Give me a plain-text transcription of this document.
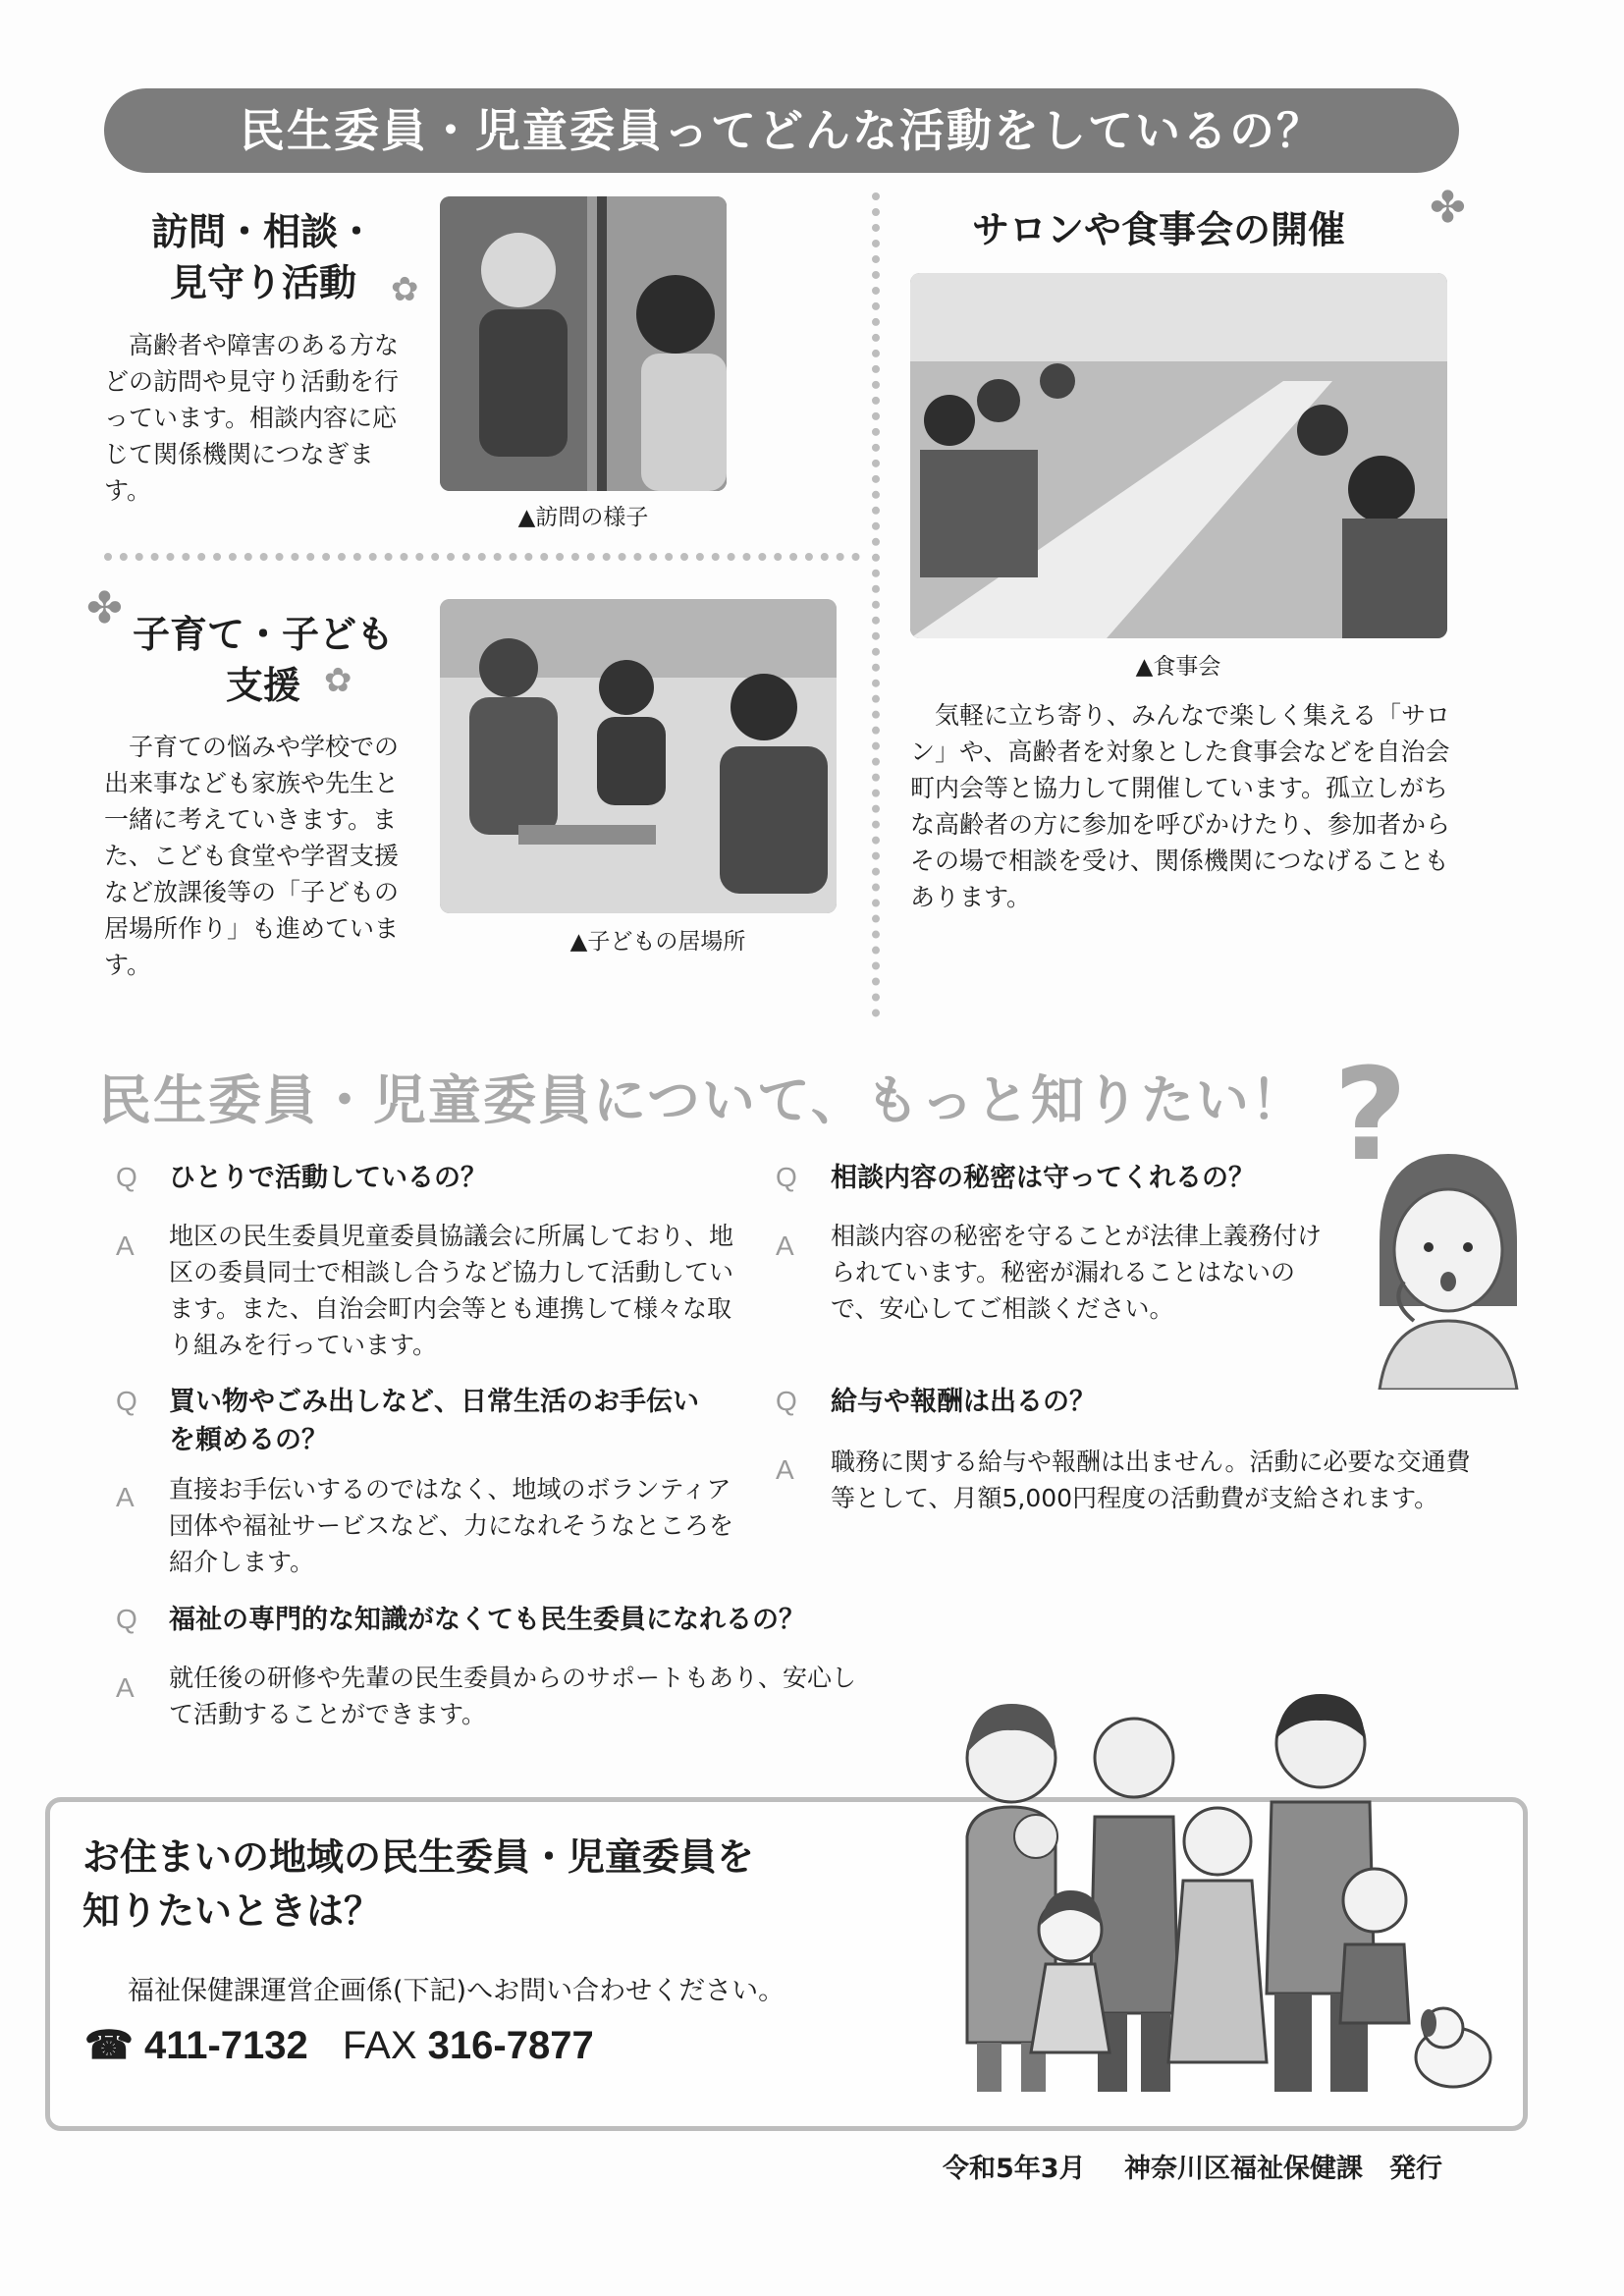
民生委員・児童委員ってどんな活動をしているの？
訪問・相談・
見守り活動	✿
高齢者や障害のある方などの訪問や見守り活動を行っています。相談内容に応じて関係機関につなぎます。
▲訪問の様子
✤
子育て・子ども
支援 ✿
子育ての悩みや学校での出来事なども家族や先生と一緒に考えていきます。また、こども食堂や学習支援など放課後等の「子どもの居場所作り」も進めています。
▲子どもの居場所
サロンや食事会の開催	✤
▲食事会
気軽に立ち寄り、みんなで楽しく集える「サロン」や、高齢者を対象とした食事会などを自治会町内会等と協力して開催しています。孤立しがちな高齢者の方に参加を呼びかけたり、参加者からその場で相談を受け、関係機関につなげることもあります。
民生委員・児童委員について、もっと知りたい！ ?
Q ひとりで活動しているの？
A 地区の民生委員児童委員協議会に所属しており、地区の委員同士で相談し合うなど協力して活動しています。また、自治会町内会等とも連携して様々な取り組みを行っています。
Q 買い物やごみ出しなど、日常生活のお手伝いを頼めるの？
A 直接お手伝いするのではなく、地域のボランティア団体や福祉サービスなど、力になれそうなところを紹介します。
Q 福祉の専門的な知識がなくても民生委員になれるの？
A 就任後の研修や先輩の民生委員からのサポートもあり、安心して活動することができます。
Q 相談内容の秘密は守ってくれるの？
A 相談内容の秘密を守ることが法律上義務付けられています。秘密が漏れることはないので、安心してご相談ください。
Q 給与や報酬は出るの？
A 職務に関する給与や報酬は出ません。活動に必要な交通費等として、月額5,000円程度の活動費が支給されます。
お住まいの地域の民生委員・児童委員を
知りたいときは？
福祉保健課運営企画係(下記)へお問い合わせください。
☎ 411-7132 FAX 316-7877
令和5年3月 神奈川区福祉保健課　発行
